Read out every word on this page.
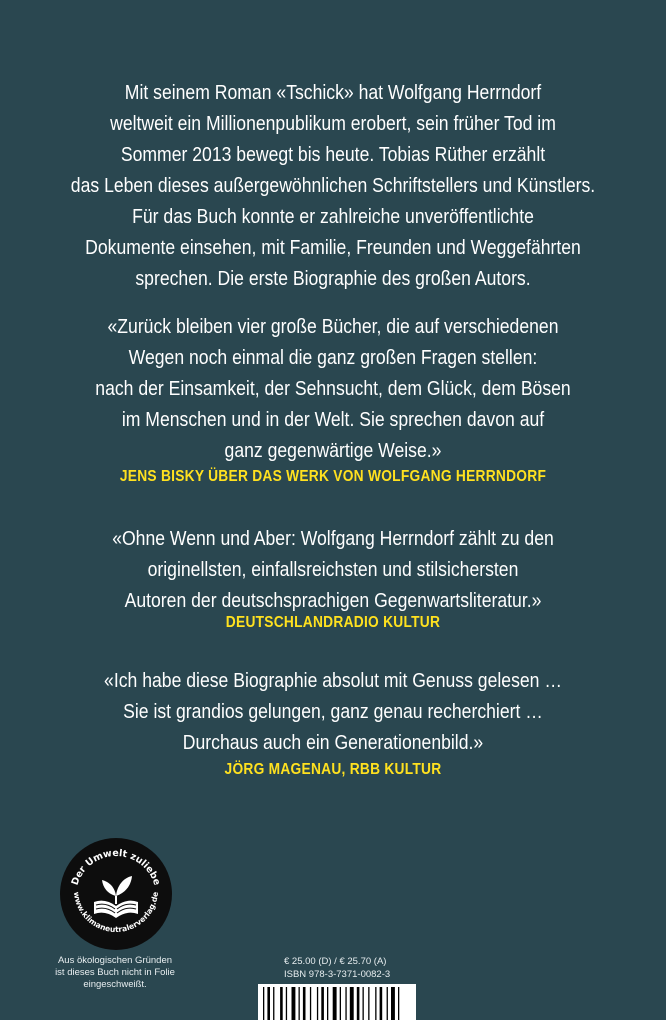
Mit seinem Roman «Tschick» hat Wolfgang Herrndorf
weltweit ein Millionenpublikum erobert, sein früher Tod im
Sommer 2013 bewegt bis heute. Tobias Rüther erzählt
das Leben dieses außergewöhnlichen Schriftstellers und Künstlers.
Für das Buch konnte er zahlreiche unveröffentlichte
Dokumente einsehen, mit Familie, Freunden und Weggefährten
sprechen. Die erste Biographie des großen Autors.
«Zurück bleiben vier große Bücher, die auf verschiedenen
Wegen noch einmal die ganz großen Fragen stellen:
nach der Einsamkeit, der Sehnsucht, dem Glück, dem Bösen
im Menschen und in der Welt. Sie sprechen davon auf
ganz gegenwärtige Weise.»
JENS BISKY ÜBER DAS WERK VON WOLFGANG HERRNDORF
«Ohne Wenn und Aber: Wolfgang Herrndorf zählt zu den
originellsten, einfallsreichsten und stilsichersten
Autoren der deutschsprachigen Gegenwartsliteratur.»
DEUTSCHLANDRADIO KULTUR
«Ich habe diese Biographie absolut mit Genuss gelesen …
Sie ist grandios gelungen, ganz genau recherchiert …
Durchaus auch ein Generationenbild.»
JÖRG MAGENAU, RBB KULTUR
Der Umwelt zuliebe
www.klimaneutralerverlag.de
Aus ökologischen Gründen
ist dieses Buch nicht in Folie
eingeschweißt.
€ 25.00 (D) / € 25.70 (A)
ISBN 978-3-7371-0082-3
